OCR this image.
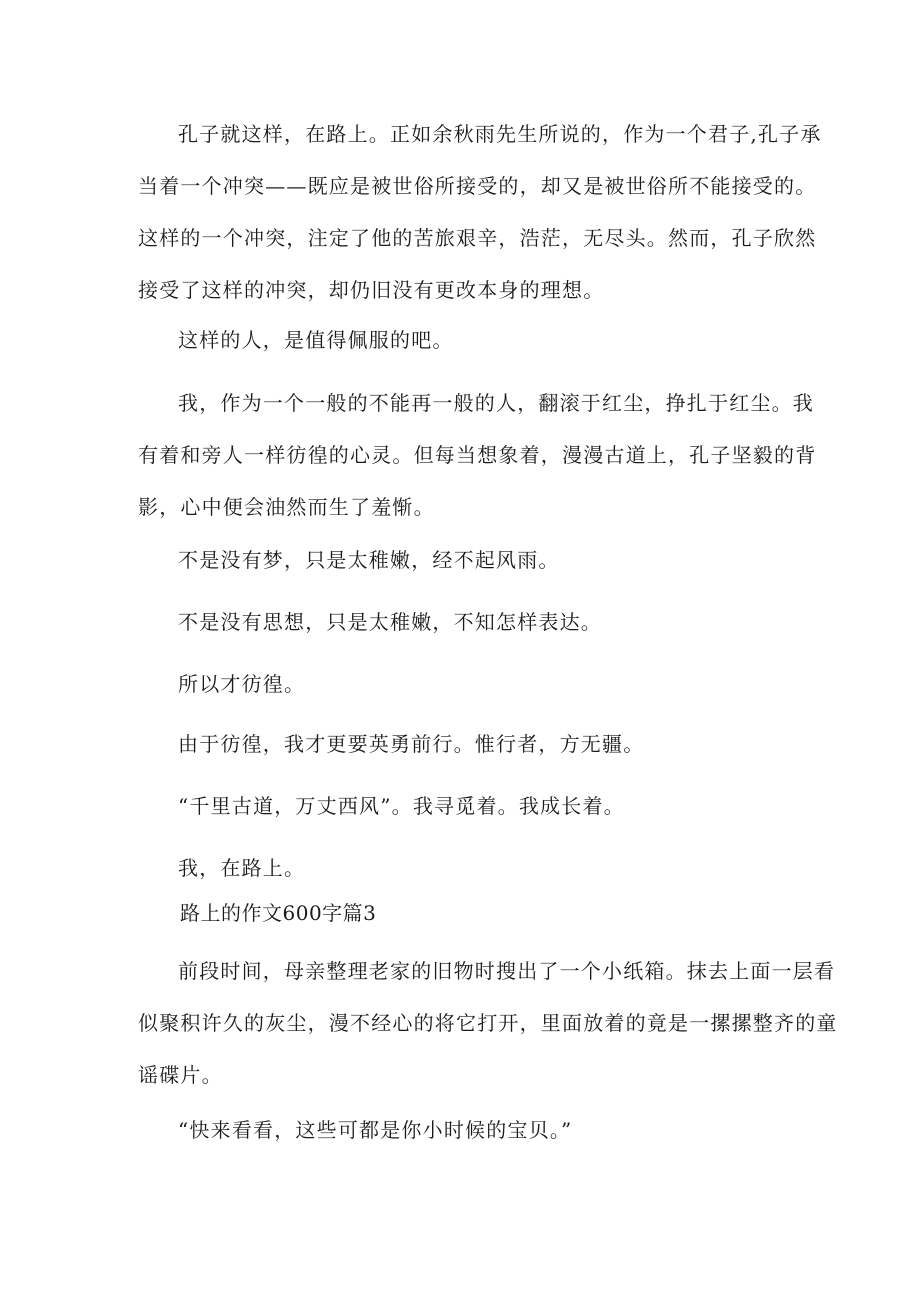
孔子就这样，在路上。正如余秋雨先生所说的，作为一个君子,孔子承
当着一个冲突——既应是被世俗所接受的，却又是被世俗所不能接受的。
这样的一个冲突，注定了他的苦旅艰辛，浩茫，无尽头。然而，孔子欣然
接受了这样的冲突，却仍旧没有更改本身的理想。
这样的人，是值得佩服的吧。
我，作为一个一般的不能再一般的人，翻滚于红尘，挣扎于红尘。我
有着和旁人一样彷徨的心灵。但每当想象着，漫漫古道上，孔子坚毅的背
影，心中便会油然而生了羞惭。
不是没有梦，只是太稚嫩，经不起风雨。
不是没有思想，只是太稚嫩，不知怎样表达。
所以才彷徨。
由于彷徨，我才更要英勇前行。惟行者，方无疆。
“千里古道，万丈西风”。我寻觅着。我成长着。
我，在路上。
路上的作文600字篇3
前段时间，母亲整理老家的旧物时搜出了一个小纸箱。抹去上面一层看
似聚积许久的灰尘，漫不经心的将它打开，里面放着的竟是一摞摞整齐的童
谣碟片。
“快来看看，这些可都是你小时候的宝贝。”
